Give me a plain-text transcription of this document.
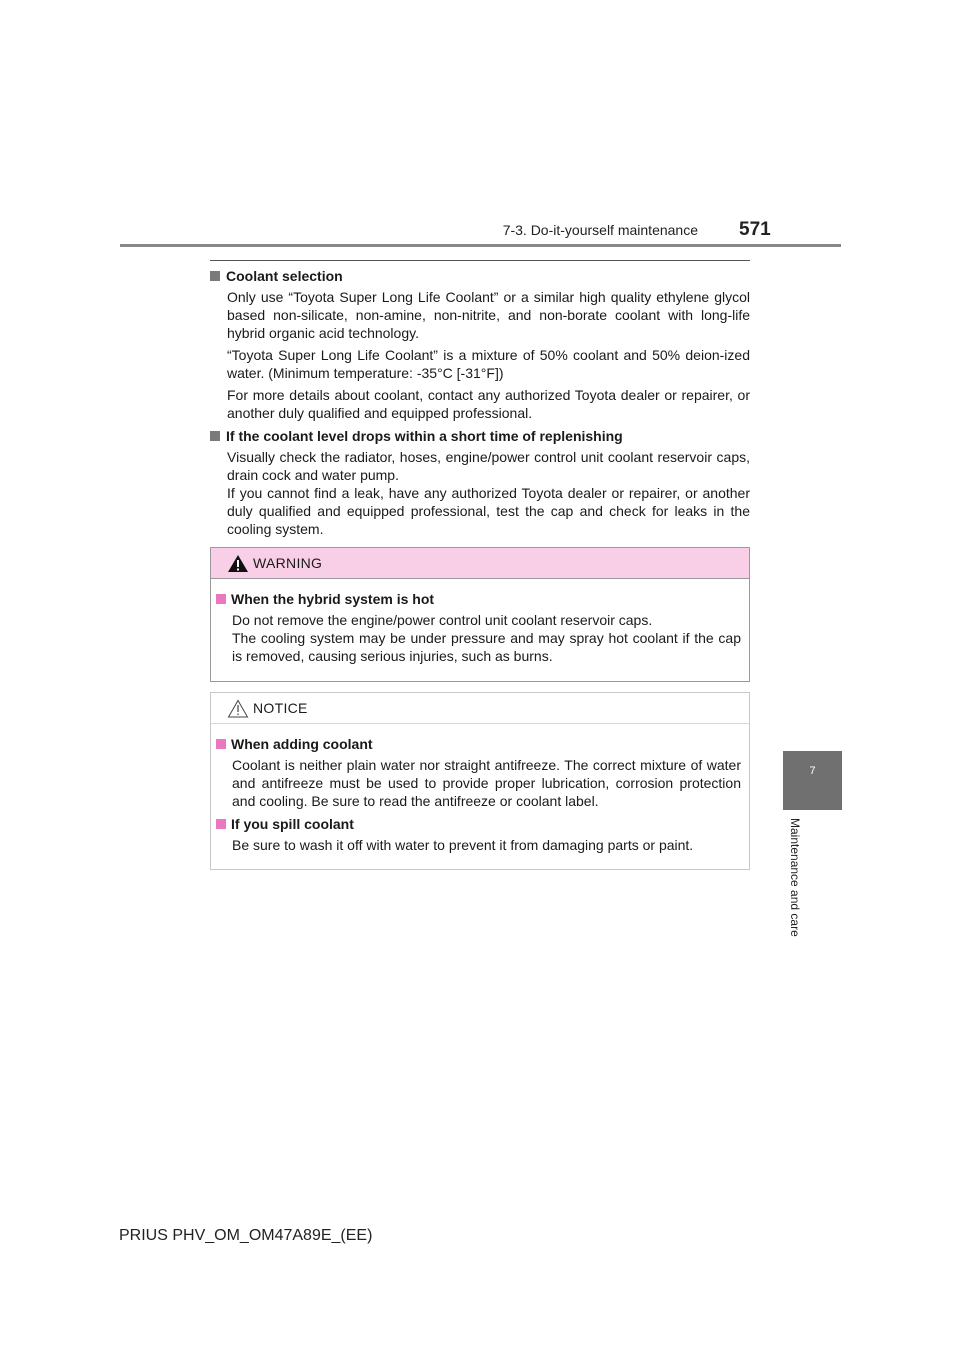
7-3. Do-it-yourself maintenance 571
7
Maintenance and care

Coolant selection

Only use “Toyota Super Long Life Coolant” or a similar high quality ethylene glycol based non-silicate, non-amine, non-nitrite, and non-borate coolant with long-life hybrid organic acid technology.

“Toyota Super Long Life Coolant” is a mixture of 50% coolant and 50% deion-ized water. (Minimum temperature: -35°C [-31°F])

For more details about coolant, contact any authorized Toyota dealer or repairer, or another duly qualified and equipped professional.

If the coolant level drops within a short time of replenishing

Visually check the radiator, hoses, engine/power control unit coolant reservoir caps, drain cock and water pump.

If you cannot find a leak, have any authorized Toyota dealer or repairer, or another duly qualified and equipped professional, test the cap and check for leaks in the cooling system.

WARNING

When the hybrid system is hot

Do not remove the engine/power control unit coolant reservoir caps.

The cooling system may be under pressure and may spray hot coolant if the cap is removed, causing serious injuries, such as burns.

NOTICE

When adding coolant

Coolant is neither plain water nor straight antifreeze. The correct mixture of water and antifreeze must be used to provide proper lubrication, corrosion protection and cooling. Be sure to read the antifreeze or coolant label.

If you spill coolant

Be sure to wash it off with water to prevent it from damaging parts or paint.

PRIUS PHV_OM_OM47A89E_(EE)
